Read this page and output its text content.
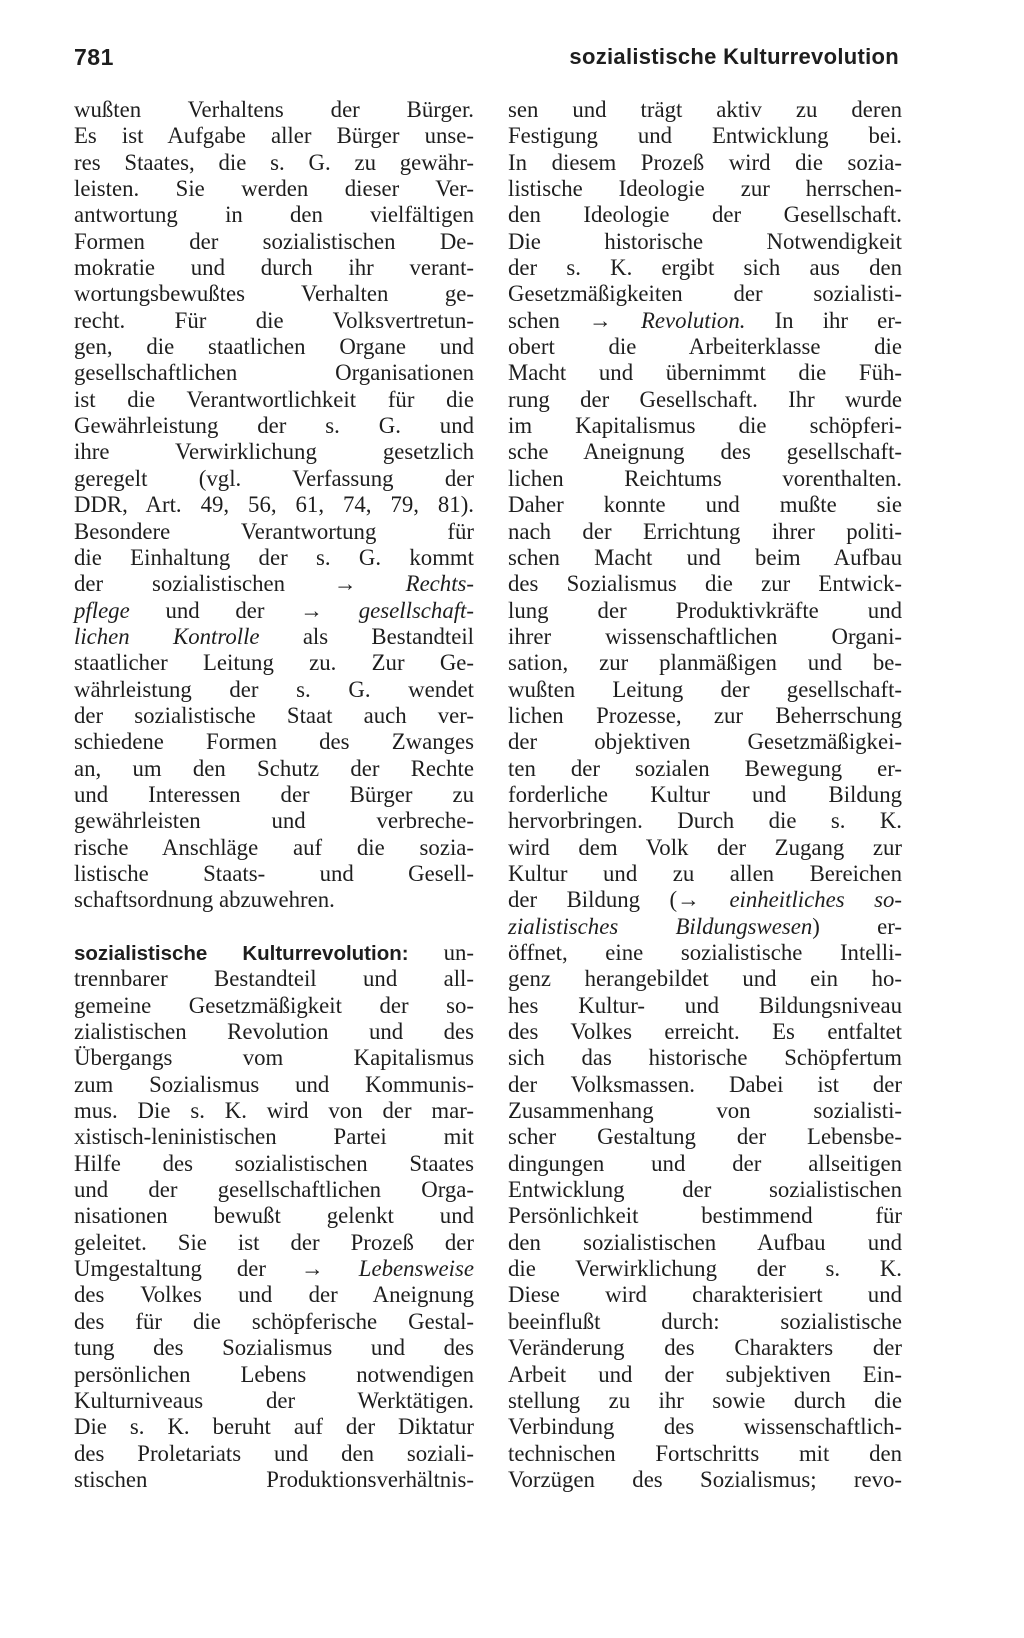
781	sozialistische Kulturrevolution
wußten Verhaltens der Bürger.
Es ist Aufgabe aller Bürger unse-
res Staates, die s. G. zu gewähr-
leisten. Sie werden dieser Ver-
antwortung in den vielfältigen
Formen der sozialistischen De-
mokratie und durch ihr verant-
wortungsbewußtes Verhalten ge-
recht. Für die Volksvertretun-
gen, die staatlichen Organe und
gesellschaftlichen Organisationen
ist die Verantwortlichkeit für die
Gewährleistung der s. G. und
ihre Verwirklichung gesetzlich
geregelt (vgl. Verfassung der
DDR, Art. 49, 56, 61, 74, 79, 81).
Besondere Verantwortung für
die Einhaltung der s. G. kommt
der sozialistischen → Rechts-
pflege und der → gesellschaft-
lichen Kontrolle als Bestandteil
staatlicher Leitung zu. Zur Ge-
währleistung der s. G. wendet
der sozialistische Staat auch ver-
schiedene Formen des Zwanges
an, um den Schutz der Rechte
und Interessen der Bürger zu
gewährleisten und verbreche-
rische Anschläge auf die sozia-
listische Staats- und Gesell-
schaftsordnung abzuwehren.
sozialistische Kulturrevolution: un-
trennbarer Bestandteil und all-
gemeine Gesetzmäßigkeit der so-
zialistischen Revolution und des
Übergangs vom Kapitalismus
zum Sozialismus und Kommunis-
mus. Die s. K. wird von der mar-
xistisch-leninistischen Partei mit
Hilfe des sozialistischen Staates
und der gesellschaftlichen Orga-
nisationen bewußt gelenkt und
geleitet. Sie ist der Prozeß der
Umgestaltung der → Lebensweise
des Volkes und der Aneignung
des für die schöpferische Gestal-
tung des Sozialismus und des
persönlichen Lebens notwendigen
Kulturniveaus der Werktätigen.
Die s. K. beruht auf der Diktatur
des Proletariats und den soziali-
stischen Produktionsverhältnis-
sen und trägt aktiv zu deren
Festigung und Entwicklung bei.
In diesem Prozeß wird die sozia-
listische Ideologie zur herrschen-
den Ideologie der Gesellschaft.
Die historische Notwendigkeit
der s. K. ergibt sich aus den
Gesetzmäßigkeiten der sozialisti-
schen → Revolution. In ihr er-
obert die Arbeiterklasse die
Macht und übernimmt die Füh-
rung der Gesellschaft. Ihr wurde
im Kapitalismus die schöpferi-
sche Aneignung des gesellschaft-
lichen Reichtums vorenthalten.
Daher konnte und mußte sie
nach der Errichtung ihrer politi-
schen Macht und beim Aufbau
des Sozialismus die zur Entwick-
lung der Produktivkräfte und
ihrer wissenschaftlichen Organi-
sation, zur planmäßigen und be-
wußten Leitung der gesellschaft-
lichen Prozesse, zur Beherrschung
der objektiven Gesetzmäßigkei-
ten der sozialen Bewegung er-
forderliche Kultur und Bildung
hervorbringen. Durch die s. K.
wird dem Volk der Zugang zur
Kultur und zu allen Bereichen
der Bildung (→ einheitliches so-
zialistisches Bildungswesen) er-
öffnet, eine sozialistische Intelli-
genz herangebildet und ein ho-
hes Kultur- und Bildungsniveau
des Volkes erreicht. Es entfaltet
sich das historische Schöpfertum
der Volksmassen. Dabei ist der
Zusammenhang von sozialisti-
scher Gestaltung der Lebensbe-
dingungen und der allseitigen
Entwicklung der sozialistischen
Persönlichkeit bestimmend für
den sozialistischen Aufbau und
die Verwirklichung der s. K.
Diese wird charakterisiert und
beeinflußt durch: sozialistische
Veränderung des Charakters der
Arbeit und der subjektiven Ein-
stellung zu ihr sowie durch die
Verbindung des wissenschaftlich-
technischen Fortschritts mit den
Vorzügen des Sozialismus; revo-
